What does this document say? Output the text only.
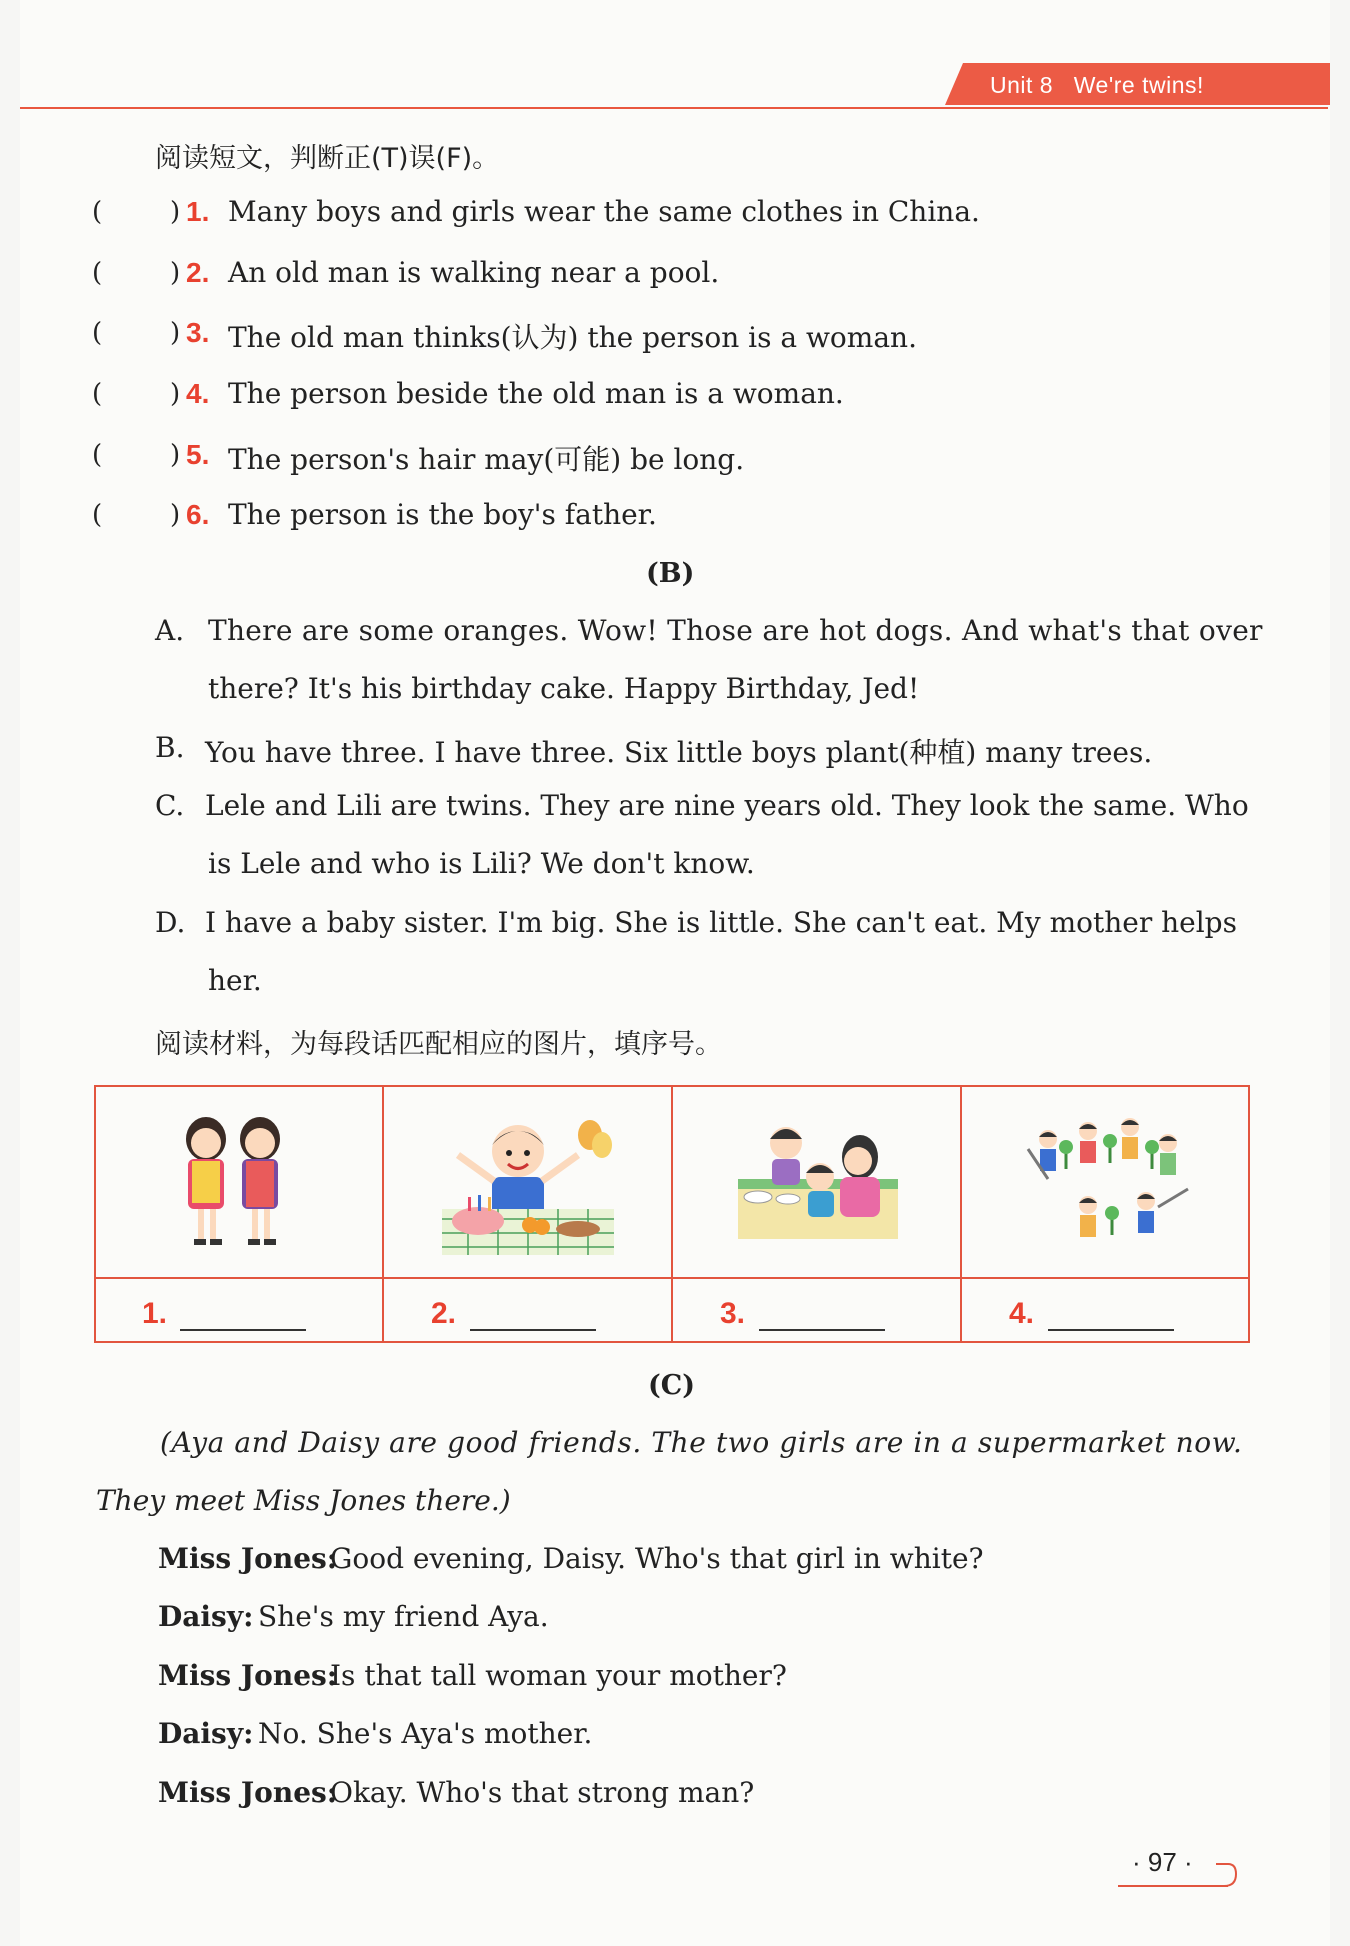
Unit 8 We're twins!
阅读短文，判断正(T)误(F)。
(	) 1. Many boys and girls wear the same clothes in China.
(	) 2. An old man is walking near a pool.
(	) 3. The old man thinks(认为) the person is a woman.
(	) 4. The person beside the old man is a woman.
(	) 5. The person's hair may(可能) be long.
(	) 6. The person is the boy's father.
(B)
A. There are some oranges. Wow! Those are hot dogs. And what's that over
there? It's his birthday cake. Happy Birthday, Jed!
B. You have three. I have three. Six little boys plant(种植) many trees.
C. Lele and Lili are twins. They are nine years old. They look the same. Who
is Lele and who is Lili? We don't know.
D. I have a baby sister. I'm big. She is little. She can't eat. My mother helps
her.
阅读材料，为每段话匹配相应的图片，填序号。
1.	2.	3.	4.
(C)
(Aya and Daisy are good friends. The two girls are in a supermarket now.
They meet Miss Jones there.)
Miss Jones:
Good evening, Daisy. Who's that girl in white?
Daisy: She's my friend Aya.
Miss Jones:
Is that tall woman your mother?
Daisy: No. She's Aya's mother.
Miss Jones:
Okay. Who's that strong man?
· 97 ·
